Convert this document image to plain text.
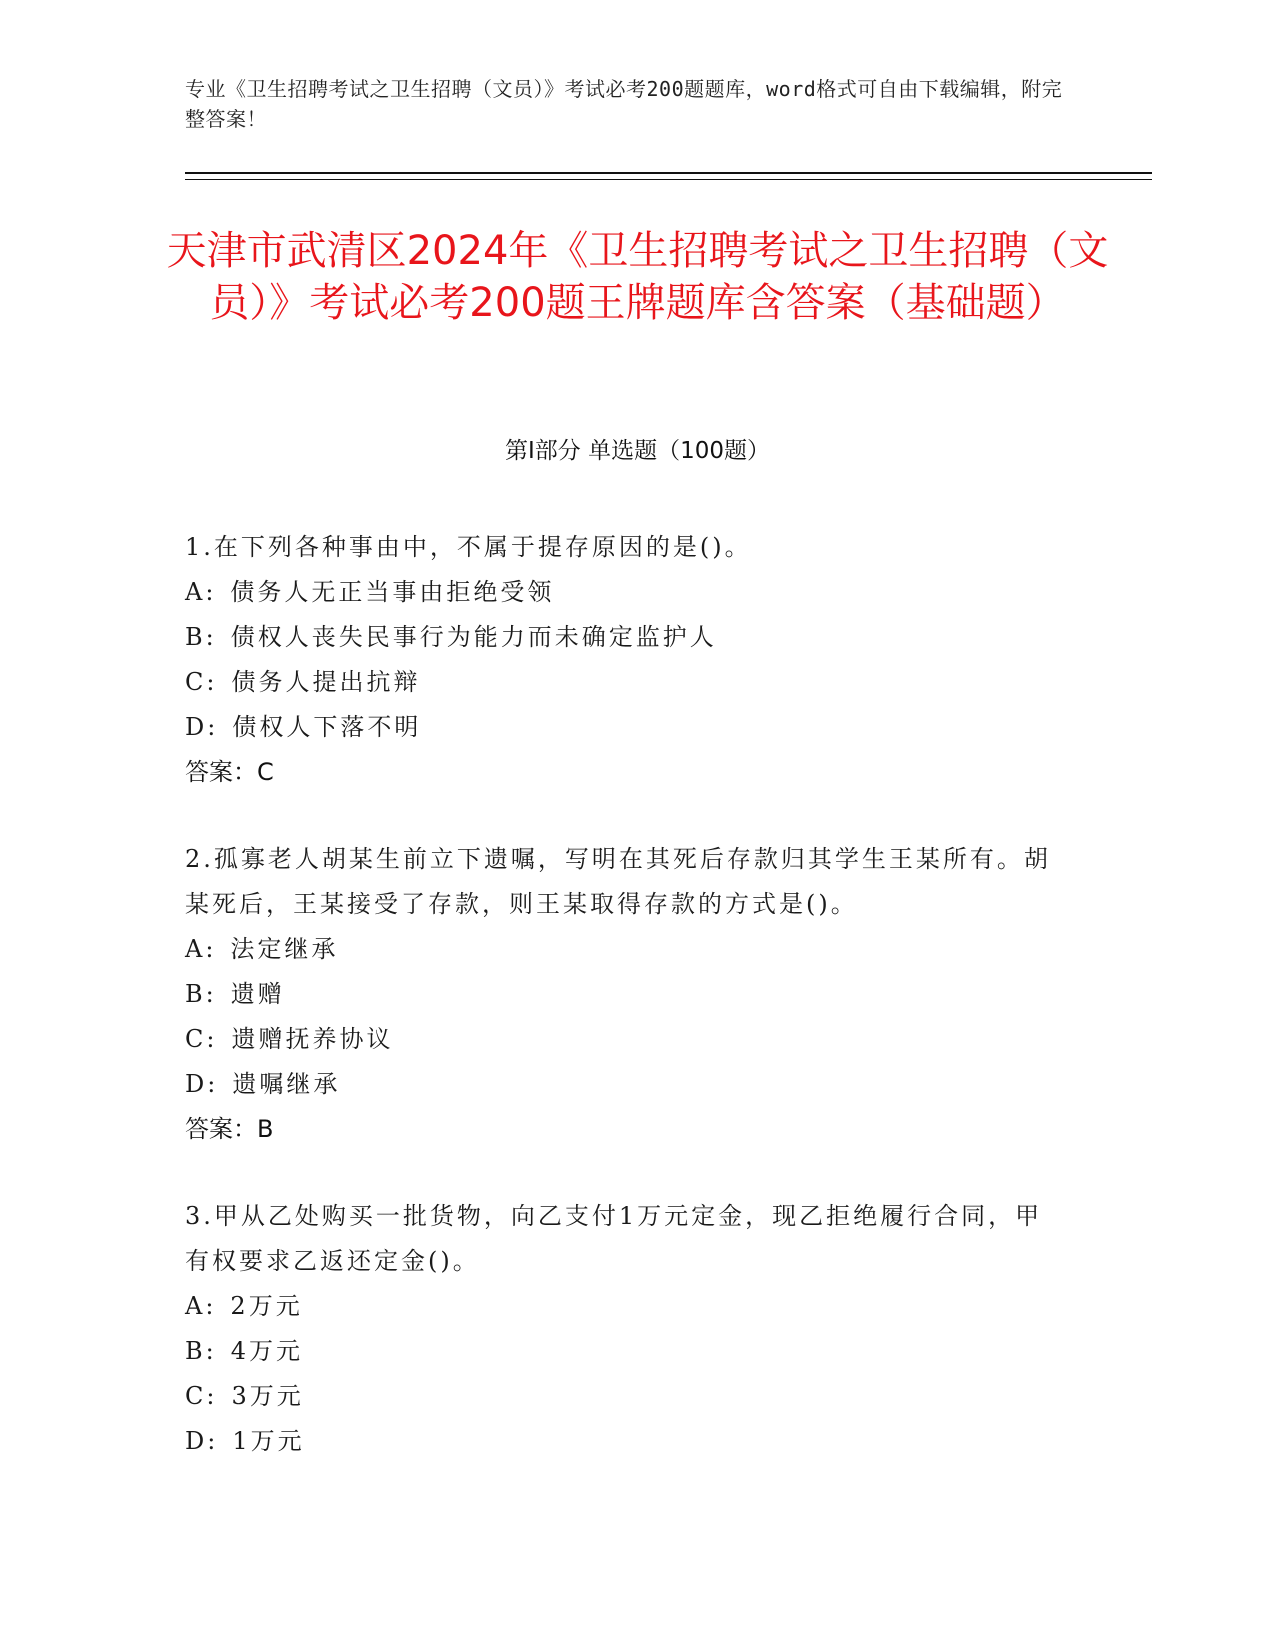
专业《卫生招聘考试之卫生招聘（文员）》考试必考200题题库，word格式可自由下载编辑，附完整答案！
天津市武清区2024年《卫生招聘考试之卫生招聘（文员）》考试必考200题王牌题库含答案（基础题）
第Ⅰ部分 单选题（100题）
1.在下列各种事由中，不属于提存原因的是()。
A: 债务人无正当事由拒绝受领
B: 债权人丧失民事行为能力而未确定监护人
C: 债务人提出抗辩
D: 债权人下落不明
答案：C
2.孤寡老人胡某生前立下遗嘱，写明在其死后存款归其学生王某所有。胡某死后，王某接受了存款，则王某取得存款的方式是()。
A: 法定继承
B: 遗赠
C: 遗赠抚养协议
D: 遗嘱继承
答案：B
3.甲从乙处购买一批货物，向乙支付1万元定金，现乙拒绝履行合同，甲有权要求乙返还定金()。
A: 2万元
B: 4万元
C: 3万元
D: 1万元
